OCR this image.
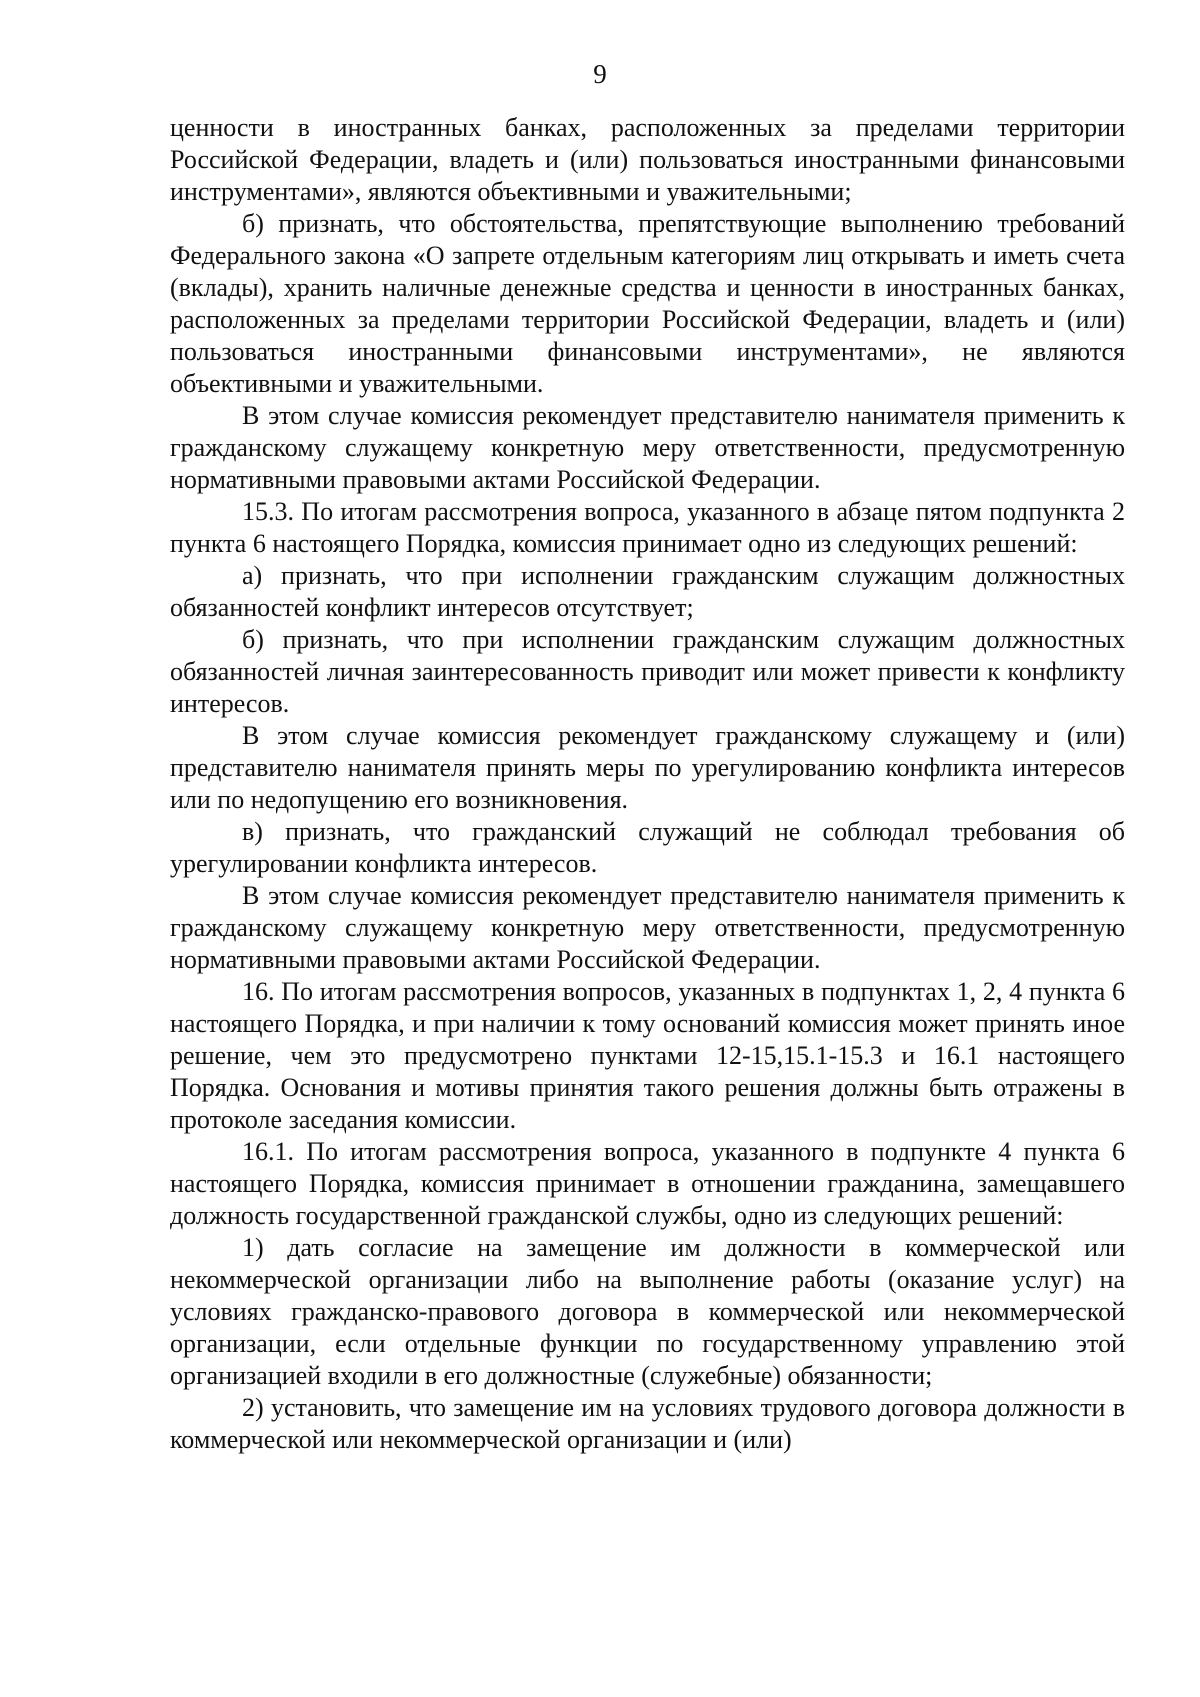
9

ценности в иностранных банках, расположенных за пределами территории Российской Федерации, владеть и (или) пользоваться иностранными финансовыми инструментами», являются объективными и уважительными;

б) признать, что обстоятельства, препятствующие выполнению требований Федерального закона «О запрете отдельным категориям лиц открывать и иметь счета (вклады), хранить наличные денежные средства и ценности в иностранных банках, расположенных за пределами территории Российской Федерации, владеть и (или) пользоваться иностранными финансовыми инструментами», не являются объективными и уважительными.

В этом случае комиссия рекомендует представителю нанимателя применить к гражданскому служащему конкретную меру ответственности, предусмотренную нормативными правовыми актами Российской Федерации.

15.3. По итогам рассмотрения вопроса, указанного в абзаце пятом подпункта 2 пункта 6 настоящего Порядка, комиссия принимает одно из следующих решений:

а) признать, что при исполнении гражданским служащим должностных обязанностей конфликт интересов отсутствует;

б) признать, что при исполнении гражданским служащим должностных обязанностей личная заинтересованность приводит или может привести к конфликту интересов.

В этом случае комиссия рекомендует гражданскому служащему и (или) представителю нанимателя принять меры по урегулированию конфликта интересов или по недопущению его возникновения.

в) признать, что гражданский служащий не соблюдал требования об урегулировании конфликта интересов.

В этом случае комиссия рекомендует представителю нанимателя применить к гражданскому служащему конкретную меру ответственности, предусмотренную нормативными правовыми актами Российской Федерации.

16. По итогам рассмотрения вопросов, указанных в подпунктах 1, 2, 4 пункта 6 настоящего Порядка, и при наличии к тому оснований комиссия может принять иное решение, чем это предусмотрено пунктами 12-15,15.1-15.3 и 16.1 настоящего Порядка. Основания и мотивы принятия такого решения должны быть отражены в протоколе заседания комиссии.

16.1. По итогам рассмотрения вопроса, указанного в подпункте 4 пункта 6 настоящего Порядка, комиссия принимает в отношении гражданина, замещавшего должность государственной гражданской службы, одно из следующих решений:

1) дать согласие на замещение им должности в коммерческой или некоммерческой организации либо на выполнение работы (оказание услуг) на условиях гражданско-правового договора в коммерческой или некоммерческой организации, если отдельные функции по государственному управлению этой организацией входили в его должностные (служебные) обязанности;

2) установить, что замещение им на условиях трудового договора должности в коммерческой или некоммерческой организации и (или)
